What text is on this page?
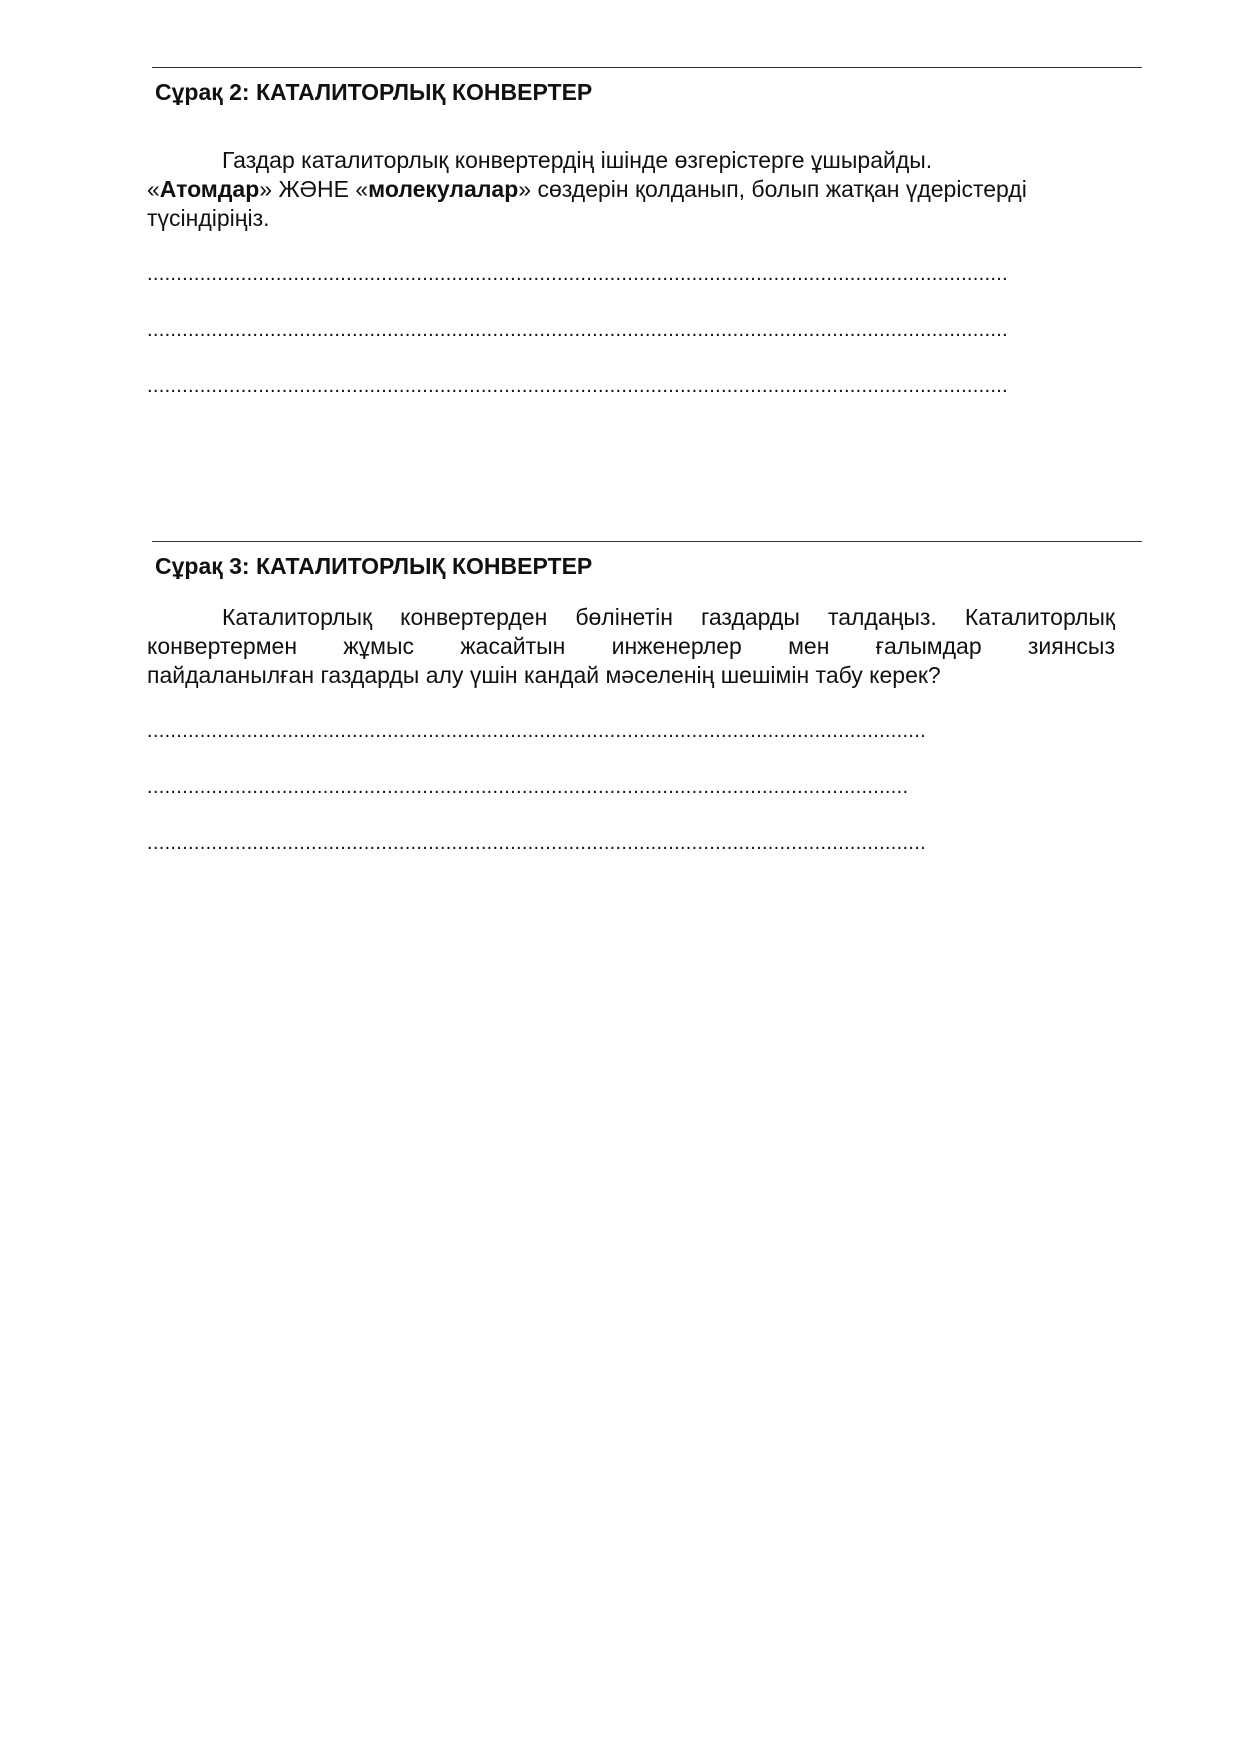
Сұрақ 2: КАТАЛИТОРЛЫҚ КОНВЕРТЕР

Газдар каталиторлық конвертердің ішінде өзгерістерге ұшырайды.

«Атомдар» ЖӘНЕ «молекулалар» сөздерін қолданып, болып жатқан үдерістерді

түсіндіріңіз.

...................................................................................................................................................
...................................................................................................................................................
...................................................................................................................................................
Сұрақ 3: КАТАЛИТОРЛЫҚ КОНВЕРТЕР

Каталиторлық конвертерден бөлінетін газдарды талдаңыз. Каталиторлық конвертермен жұмыс жасайтын инженерлер мен ғалымдар зиянсыз

пайдаланылған газдарды алу үшін кандай мәселенің шешімін табу керек?

.....................................................................................................................................
..................................................................................................................................
.....................................................................................................................................
